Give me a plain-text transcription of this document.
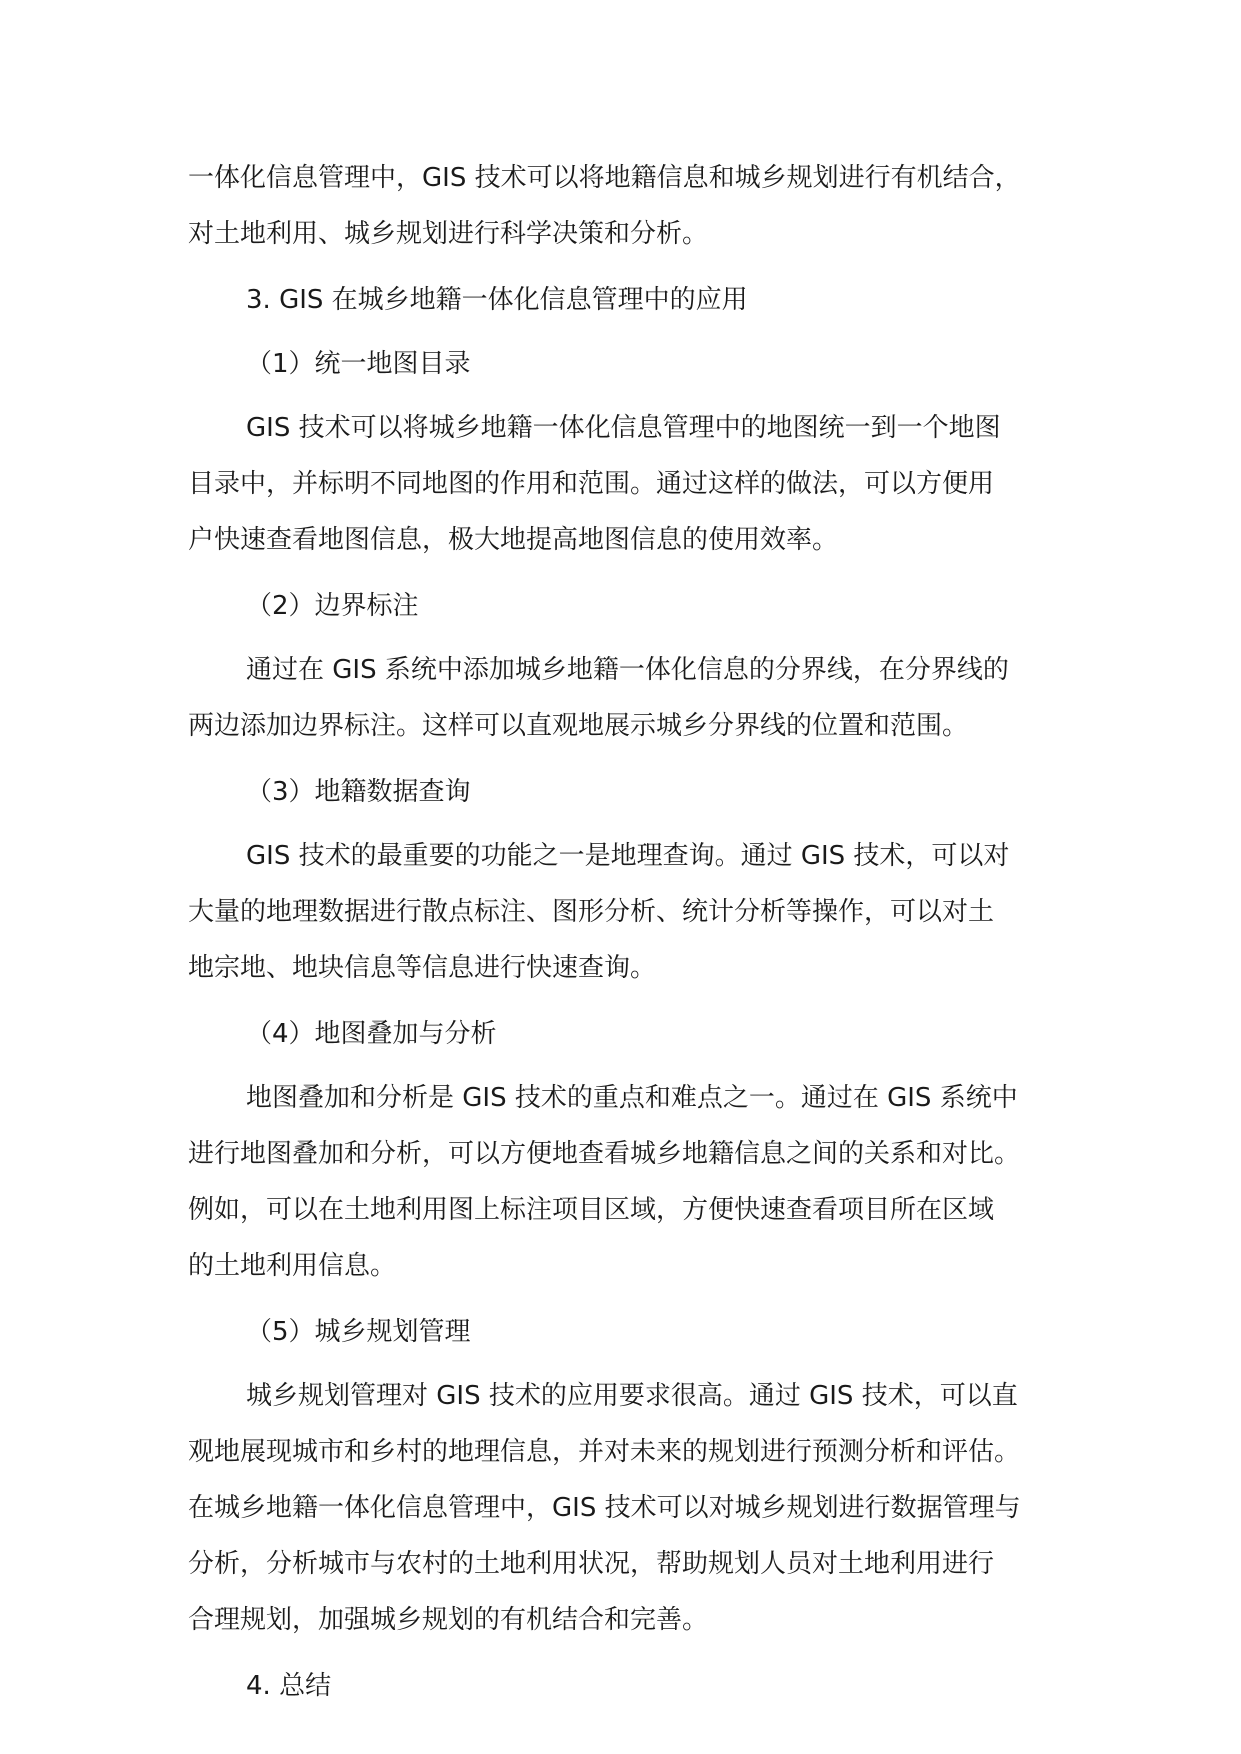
一体化信息管理中，GIS 技术可以将地籍信息和城乡规划进行有机结合，
对土地利用、城乡规划进行科学决策和分析。

3. GIS 在城乡地籍一体化信息管理中的应用

（1）统一地图目录

GIS 技术可以将城乡地籍一体化信息管理中的地图统一到一个地图
目录中，并标明不同地图的作用和范围。通过这样的做法，可以方便用
户快速查看地图信息，极大地提高地图信息的使用效率。

（2）边界标注

通过在 GIS 系统中添加城乡地籍一体化信息的分界线，在分界线的
两边添加边界标注。这样可以直观地展示城乡分界线的位置和范围。

（3）地籍数据查询

GIS 技术的最重要的功能之一是地理查询。通过 GIS 技术，可以对
大量的地理数据进行散点标注、图形分析、统计分析等操作，可以对土
地宗地、地块信息等信息进行快速查询。

（4）地图叠加与分析

地图叠加和分析是 GIS 技术的重点和难点之一。通过在 GIS 系统中
进行地图叠加和分析，可以方便地查看城乡地籍信息之间的关系和对比。
例如，可以在土地利用图上标注项目区域，方便快速查看项目所在区域
的土地利用信息。

（5）城乡规划管理

城乡规划管理对 GIS 技术的应用要求很高。通过 GIS 技术，可以直
观地展现城市和乡村的地理信息，并对未来的规划进行预测分析和评估。
在城乡地籍一体化信息管理中，GIS 技术可以对城乡规划进行数据管理与
分析，分析城市与农村的土地利用状况，帮助规划人员对土地利用进行
合理规划，加强城乡规划的有机结合和完善。

4. 总结
